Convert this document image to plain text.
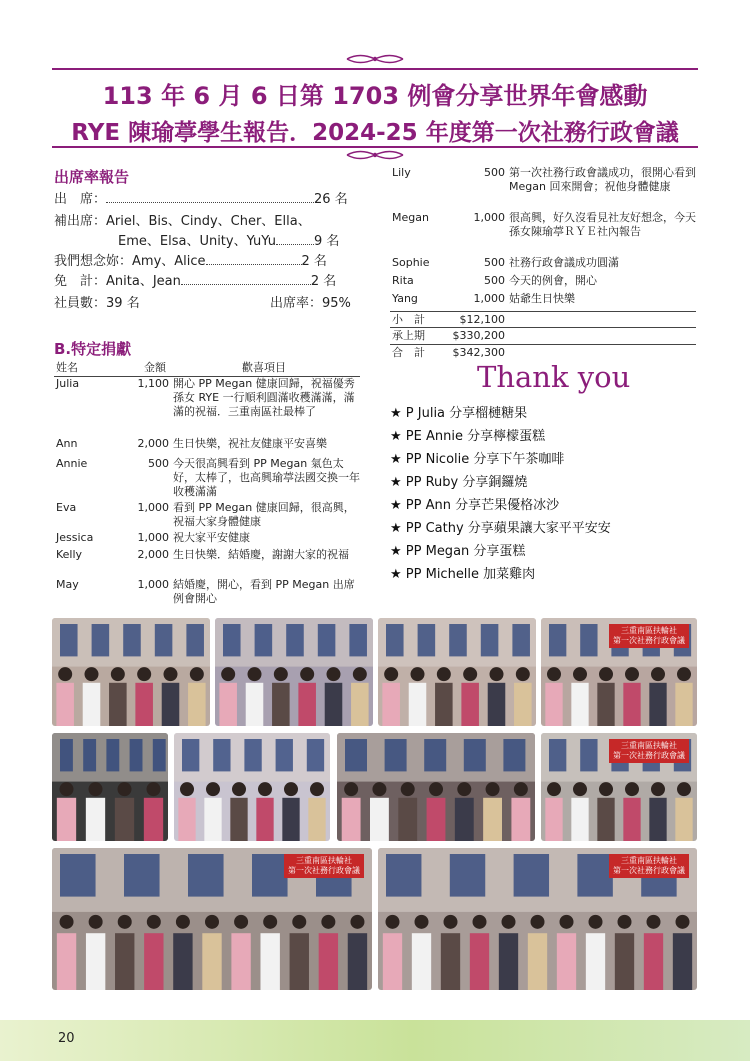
113 年 6 月 6 日第 1703 例會分享世界年會感動
RYE 陳瑜葶學生報告．2024-25 年度第一次社務行政會議
出席率報告
出　席：	26 名
補出席：Ariel、Bis、Cindy、Cher、Ella、
Eme、Elsa、Unity、YuYu	9 名
我們想念妳：Amy、Alice	2 名
免　計：Anita、Jean	2 名
社員數：39 名	出席率：95%
B.特定捐獻
姓名	金額	歡喜項目
Julia	1,100 開心 PP Megan 健康回歸，祝福優秀孫女 RYE 一行順利圓滿收穫滿滿，滿滿的祝福．三重南區社最棒了
Ann	2,000 生日快樂，祝社友健康平安喜樂
Annie	500 今天很高興看到 PP Megan 氣色太好，太棒了，也高興瑜葶法國交換一年收穫滿滿
Eva	1,000 看到 PP Megan 健康回歸，很高興，祝福大家身體健康
Jessica	1,000 祝大家平安健康
Kelly	2,000 生日快樂．結婚慶，謝謝大家的祝福
May	1,000 結婚慶，開心，看到 PP Megan 出席例會開心
Lily	500 第一次社務行政會議成功，很開心看到 Megan 回來開會；祝他身體健康
Megan	1,000 很高興，好久沒看見社友好想念，今天孫女陳瑜葶ＲＹＥ社內報告
Sophie	500 社務行政會議成功圓滿
Rita	500 今天的例會，開心
Yang	1,000 姑爺生日快樂
小　計	$12,100
承上期	$330,200
合　計	$342,300
Thank you
★ P Julia 分享榴槤糖果
★ PE Annie 分享檸檬蛋糕
★ PP Nicolie 分享下午茶咖啡
★ PP Ruby 分享銅鑼燒
★ PP Ann 分享芒果優格冰沙
★ PP Cathy 分享蘋果讓大家平平安安
★ PP Megan 分享蛋糕
★ PP Michelle 加菜雞肉
三重南區扶輪社
第一次社務行政會議
三重南區扶輪社
第一次社務行政會議
三重南區扶輪社
第一次社務行政會議
三重南區扶輪社
第一次社務行政會議
20
